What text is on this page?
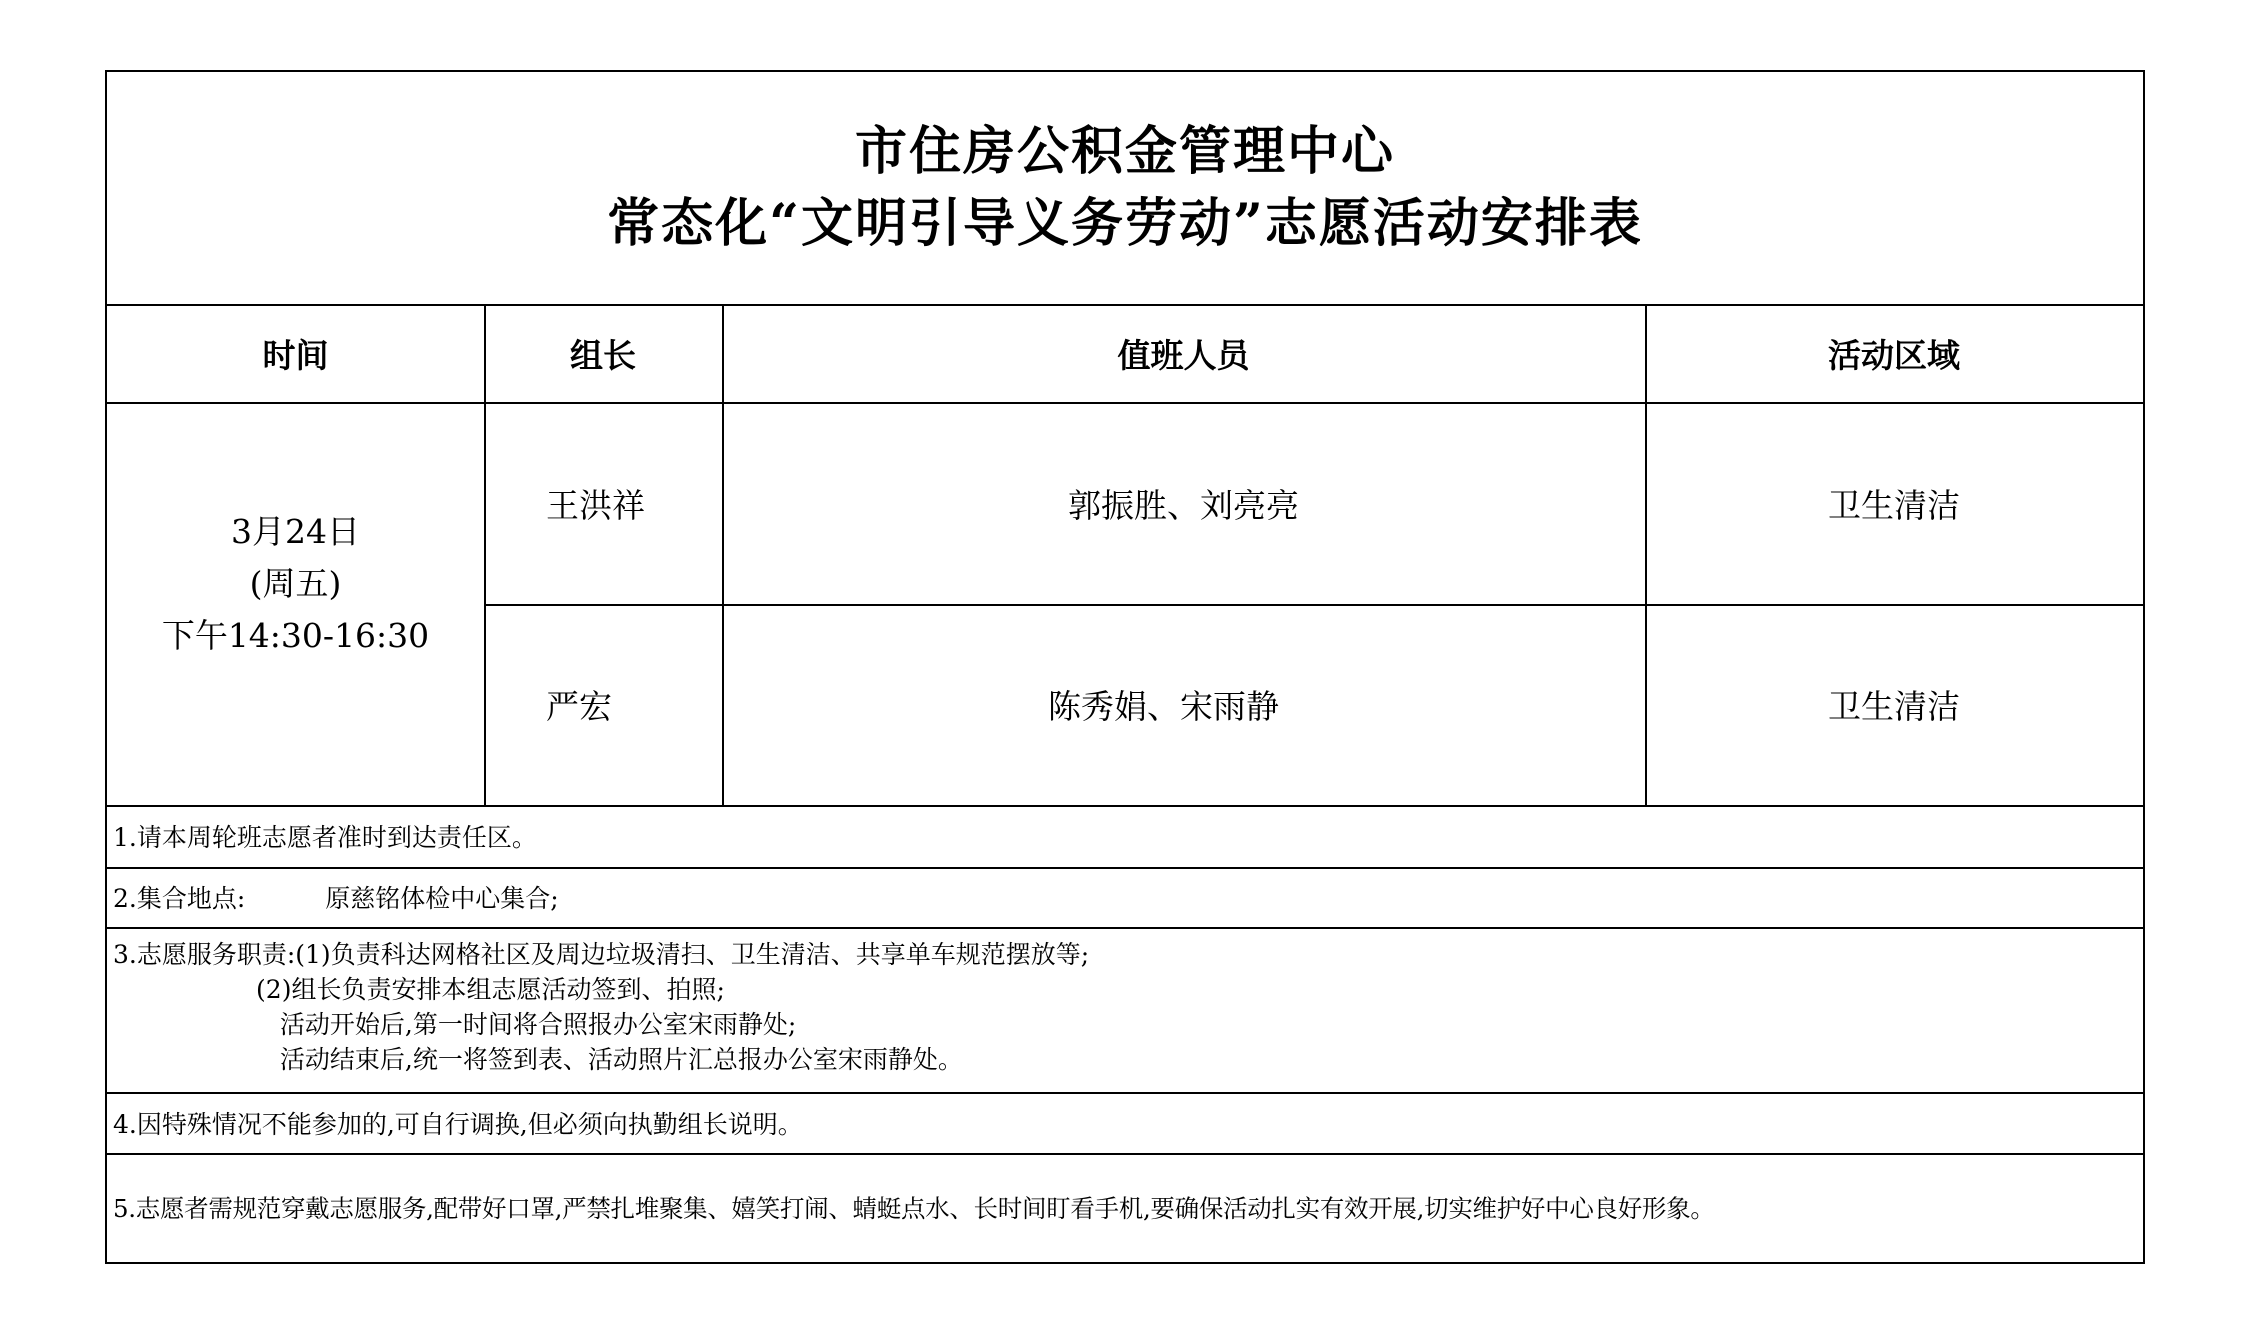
市住房公积金管理中心
常态化“文明引导义务劳动”志愿活动安排表
时间	组长	值班人员	活动区域
3月24日
(周五)
下午14:30-16:30
王洪祥	郭振胜、刘亮亮	卫生清洁
严宏	陈秀娟、宋雨静	卫生清洁
1.请本周轮班志愿者准时到达责任区。
2.集合地点:	原慈铭体检中心集合;
3.志愿服务职责:(1)负责科达网格社区及周边垃圾清扫、卫生清洁、共享单车规范摆放等;
(2)组长负责安排本组志愿活动签到、拍照;
活动开始后,第一时间将合照报办公室宋雨静处;
活动结束后,统一将签到表、活动照片汇总报办公室宋雨静处。
4.因特殊情况不能参加的,可自行调换,但必须向执勤组长说明。
5.志愿者需规范穿戴志愿服务,配带好口罩,严禁扎堆聚集、嬉笑打闹、蜻蜓点水、长时间盯看手机,要确保活动扎实有效开展,切实维护好中心良好形象。
